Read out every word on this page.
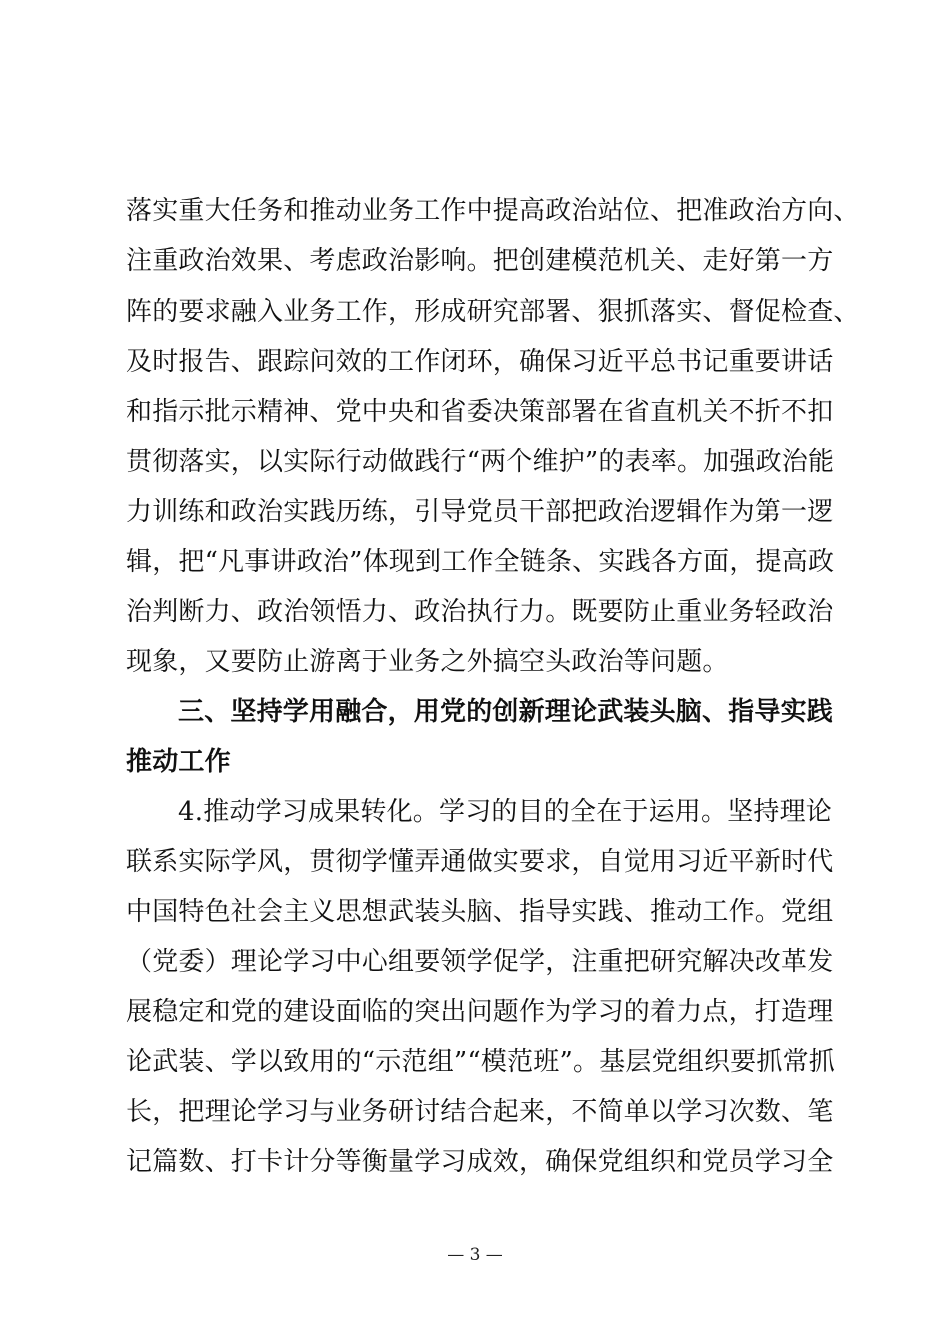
落实重大任务和推动业务工作中提高政治站位、把准政治方向、
注重政治效果、考虑政治影响。把创建模范机关、走好第一方
阵的要求融入业务工作，形成研究部署、狠抓落实、督促检查、
及时报告、跟踪问效的工作闭环，确保习近平总书记重要讲话
和指示批示精神、党中央和省委决策部署在省直机关不折不扣
贯彻落实，以实际行动做践行“两个维护”的表率。加强政治能
力训练和政治实践历练，引导党员干部把政治逻辑作为第一逻
辑，把“凡事讲政治”体现到工作全链条、实践各方面，提高政
治判断力、政治领悟力、政治执行力。既要防止重业务轻政治
现象，又要防止游离于业务之外搞空头政治等问题。
三、坚持学用融合，用党的创新理论武装头脑、指导实践
推动工作
4.推动学习成果转化。学习的目的全在于运用。坚持理论
联系实际学风，贯彻学懂弄通做实要求，自觉用习近平新时代
中国特色社会主义思想武装头脑、指导实践、推动工作。党组
（党委）理论学习中心组要领学促学，注重把研究解决改革发
展稳定和党的建设面临的突出问题作为学习的着力点，打造理
论武装、学以致用的“示范组”“模范班”。基层党组织要抓常抓
长，把理论学习与业务研讨结合起来，不简单以学习次数、笔
记篇数、打卡计分等衡量学习成效，确保党组织和党员学习全
— 3 —
